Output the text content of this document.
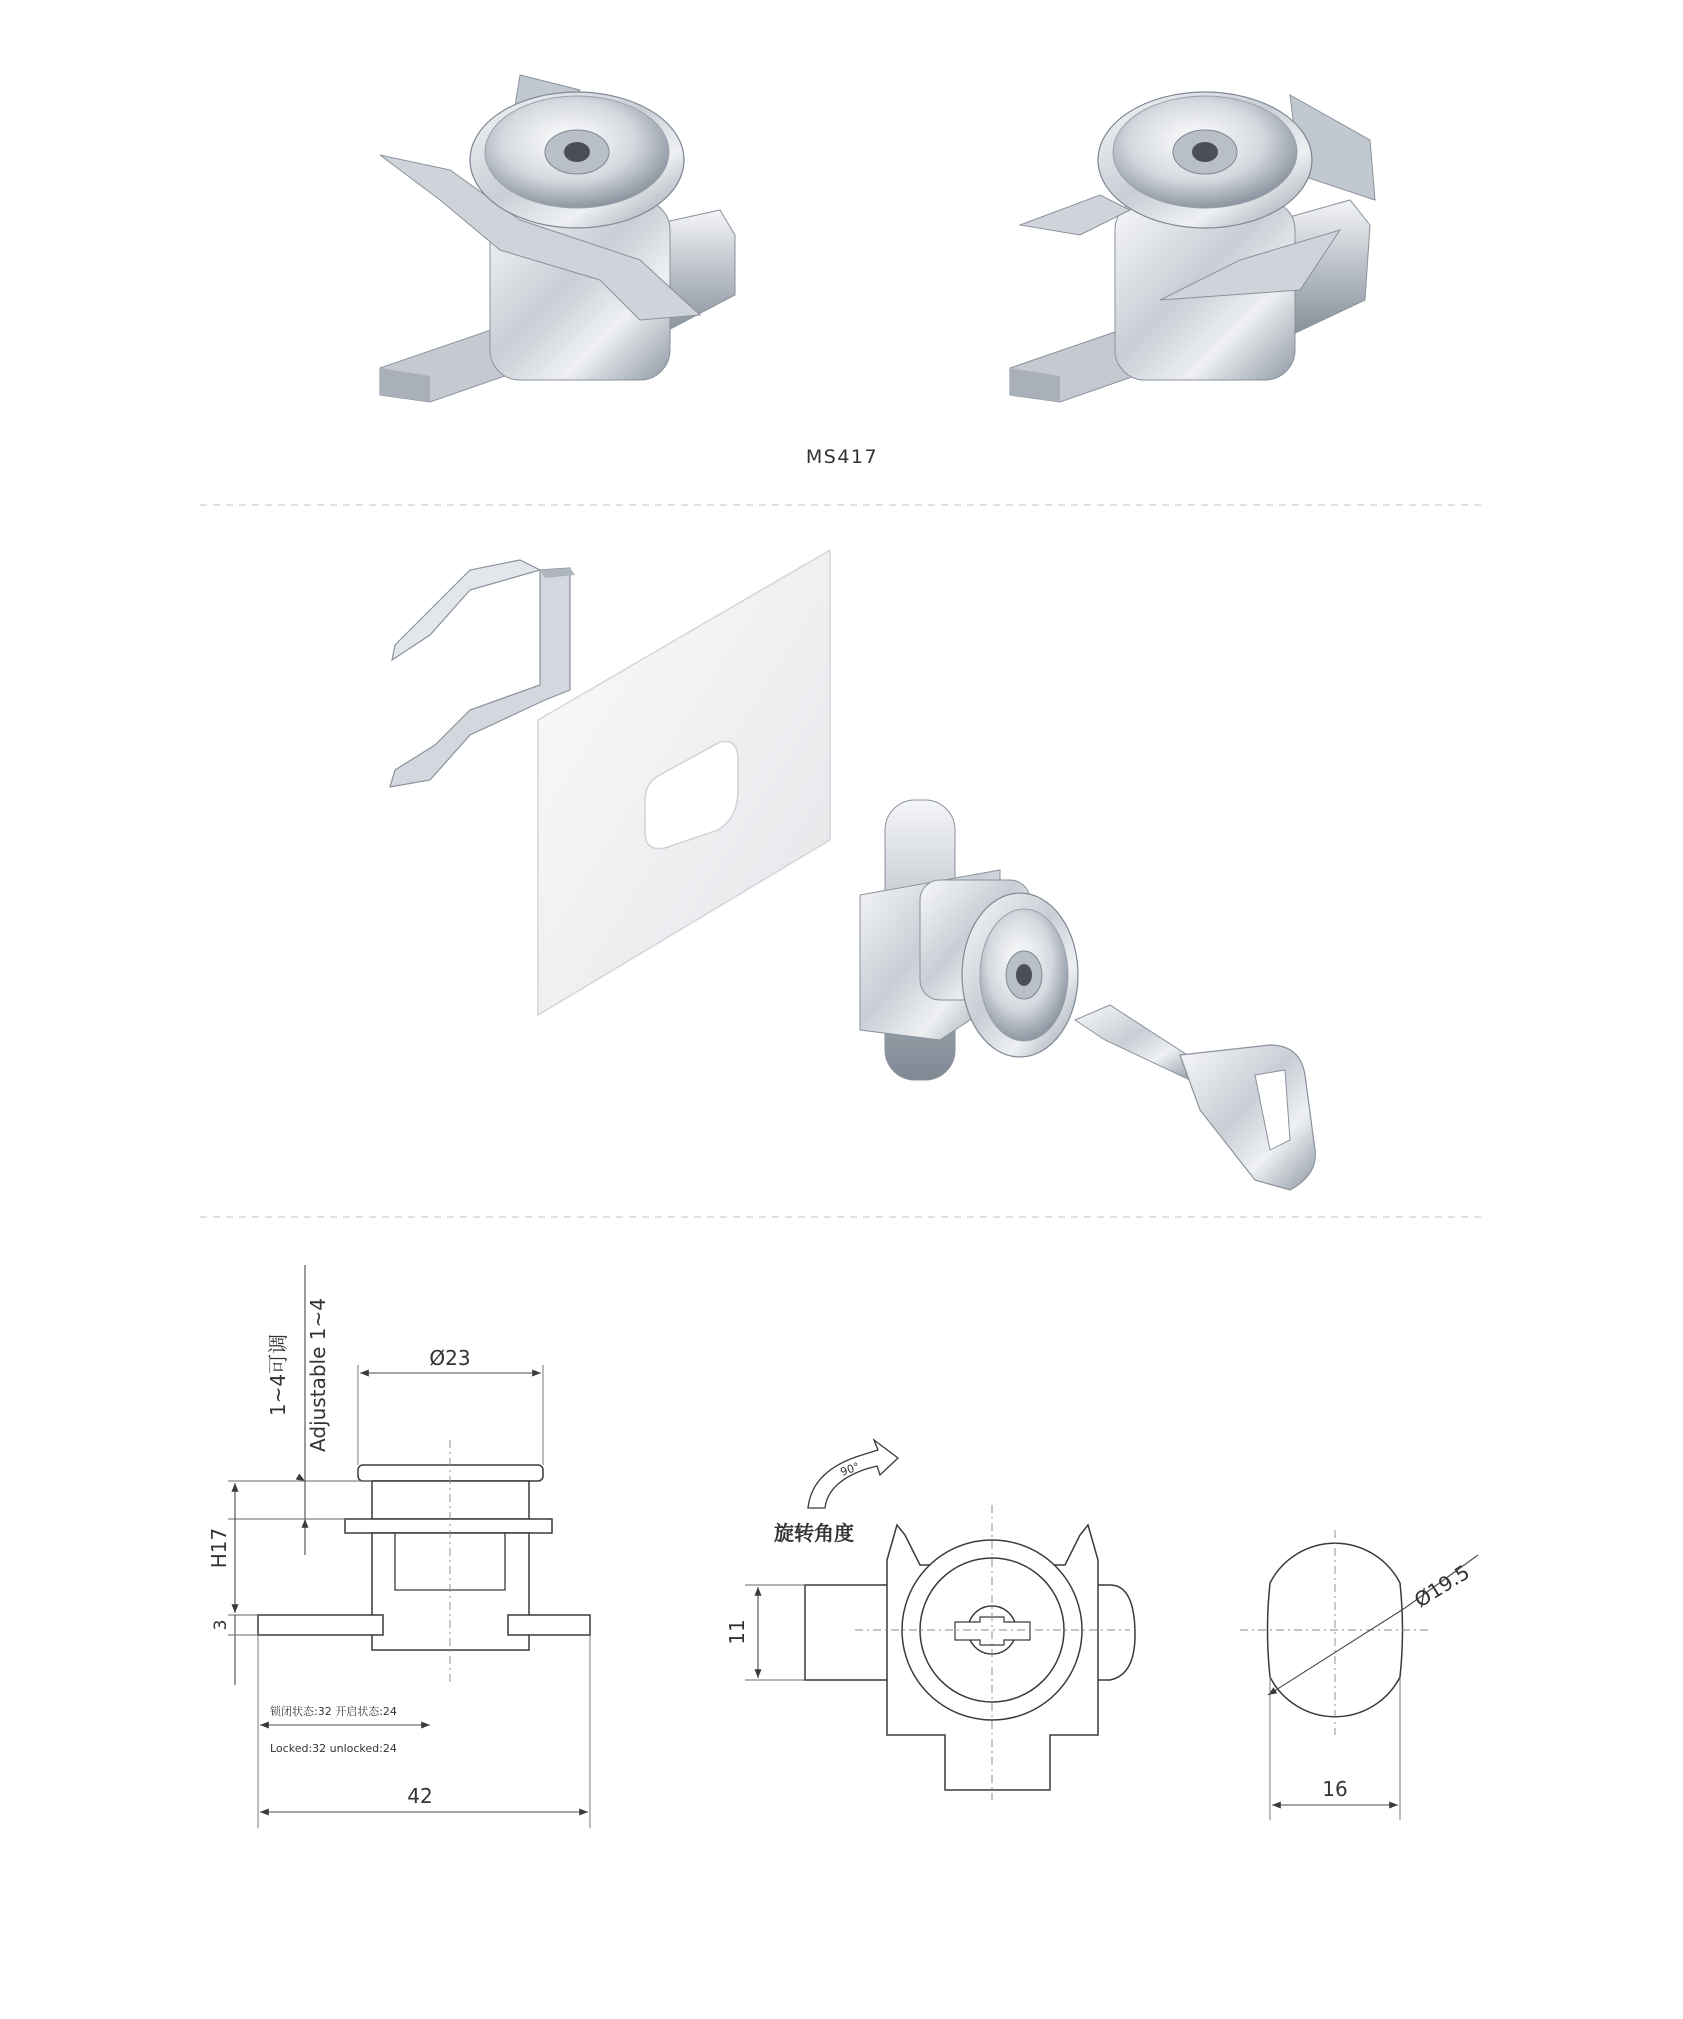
MS417
Ø23
1~4可调 Adjustable 1~4
H17
3
锁闭状态:32 开启状态:24
Locked:32 unlocked:24
42
90°
旋转角度
11
Ø19.5
16
